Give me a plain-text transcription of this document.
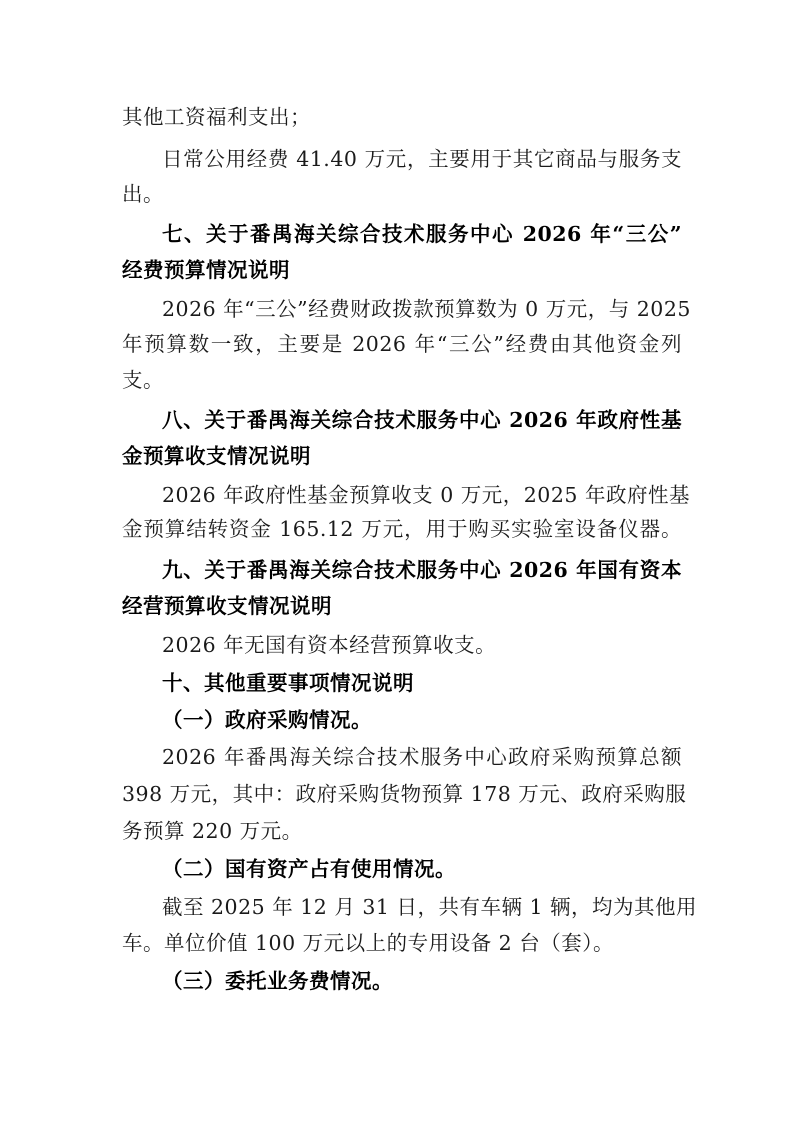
其他工资福利支出；
日常公用经费 41.40 万元，主要用于其它商品与服务支
出。
七、关于番禺海关综合技术服务中心 2026 年“三公”
经费预算情况说明
2026 年“三公”经费财政拨款预算数为 0 万元，与 2025
年预算数一致，主要是 2026 年“三公”经费由其他资金列
支。
八、关于番禺海关综合技术服务中心 2026 年政府性基
金预算收支情况说明
2026 年政府性基金预算收支 0 万元，2025 年政府性基
金预算结转资金 165.12 万元，用于购买实验室设备仪器。
九、关于番禺海关综合技术服务中心 2026 年国有资本
经营预算收支情况说明
2026 年无国有资本经营预算收支。
十、其他重要事项情况说明
（一）政府采购情况。
2026 年番禺海关综合技术服务中心政府采购预算总额
398 万元，其中：政府采购货物预算 178 万元、政府采购服
务预算 220 万元。
（二）国有资产占有使用情况。
截至 2025 年 12 月 31 日，共有车辆 1 辆，均为其他用
车。单位价值 100 万元以上的专用设备 2 台（套）。
（三）委托业务费情况。
